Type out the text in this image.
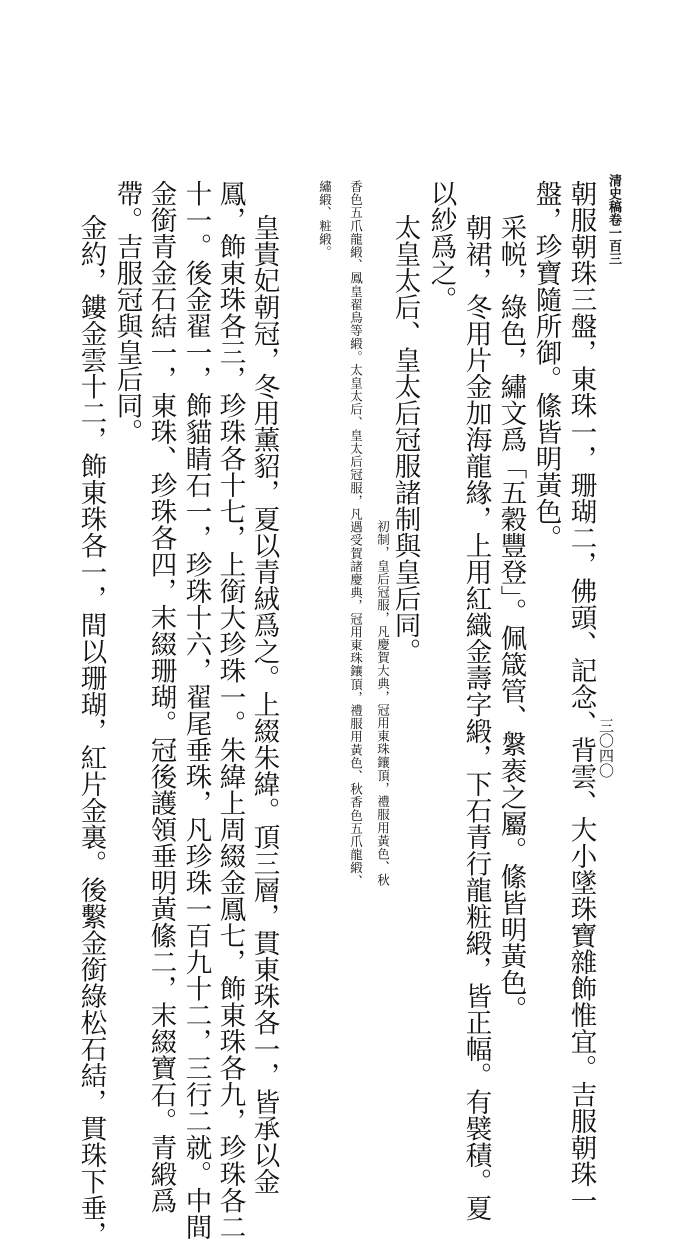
清史稿卷一百三
三〇四〇

朝服朝珠三盤，東珠一，珊瑚二，佛頭、記念、背雲、大小墜珠寶雜飾惟宜。吉服朝珠一

盤，珍寶隨所御。絛皆明黃色。

采帨，綠色，繡文爲「五穀豐登」。佩箴管、縏袠之屬。絛皆明黃色。

朝裙，冬用片金加海龍緣，上用紅織金壽字緞，下石青行龍粧緞，皆正幅。有襞積。夏

以紗爲之。

太皇太后、皇太后冠服諸制與皇后同。

初制，皇后冠服，凡慶賀大典，冠用東珠鑲頂，禮服用黃色、秋

香色五爪龍緞、鳳皇翟鳥等緞。太皇太后、皇太后冠服，凡遇受賀諸慶典，冠用東珠鑲頂，禮服用黃色、秋香色五爪龍緞、

繡緞、粧緞。

皇貴妃朝冠，冬用薰貂，夏以青絨爲之。上綴朱緯。頂三層，貫東珠各一，皆承以金

鳳，飾東珠各三，珍珠各十七，上銜大珍珠一。朱緯上周綴金鳳七，飾東珠各九，珍珠各二

十一。後金翟一，飾貓睛石一，珍珠十六，翟尾垂珠，凡珍珠一百九十二，三行二就。中間

金銜青金石結一，東珠、珍珠各四，末綴珊瑚。冠後護領垂明黃絛二，末綴寶石。青緞爲

帶。吉服冠與皇后同。

金約，鏤金雲十二，飾東珠各一，間以珊瑚，紅片金裏。後繫金銜綠松石結，貫珠下垂，
